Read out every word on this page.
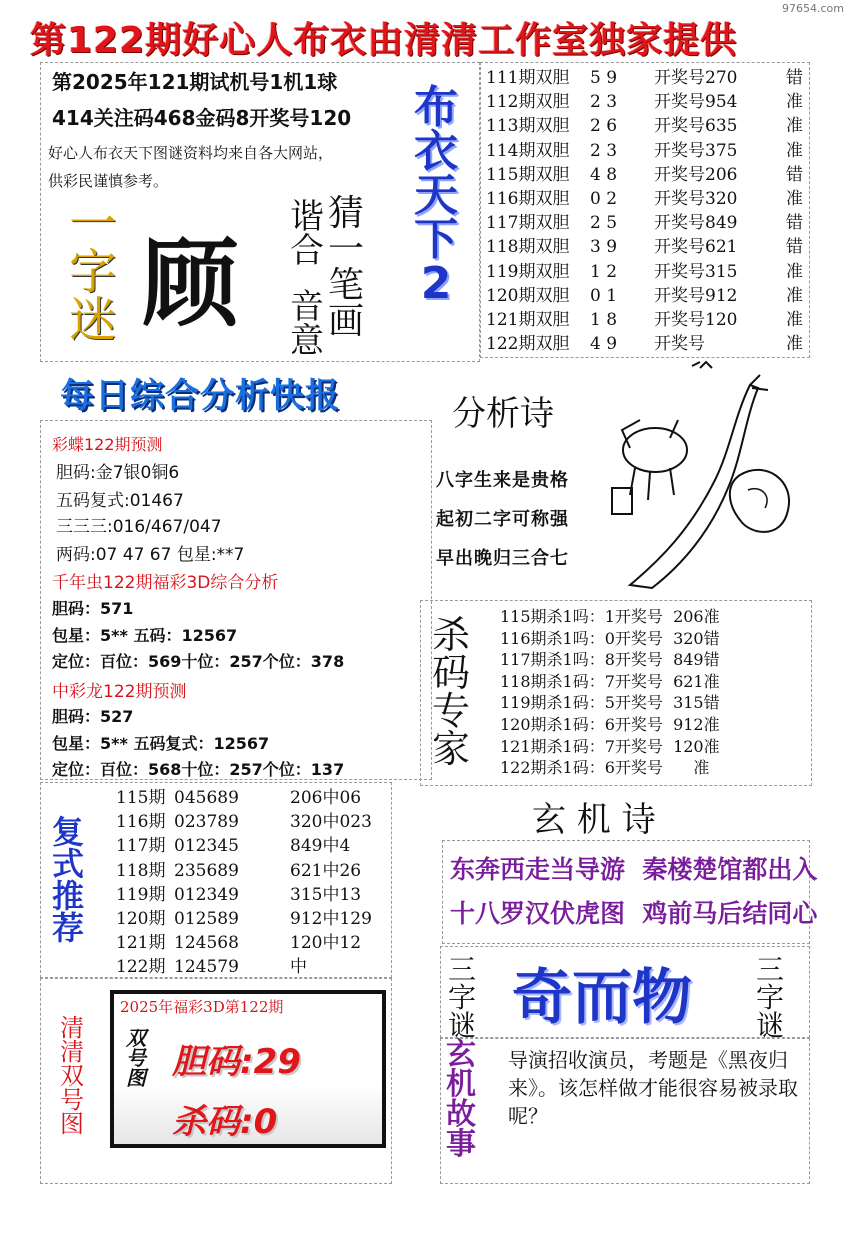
97654.com
第122期好心人布衣由清清工作室独家提供
第2025年121期试机号1机1球
414关注码468金码8开奖号120
好心人布衣天下图谜资料均来自各大网站，
供彩民谨慎参考。
一
字
迷 顾
猜
一
笔
画
谐
合
音
意
布
衣
天
下
2
111期双胆 5 9 开奖号270	错
112期双胆 2 3 开奖号954	准
113期双胆 2 6 开奖号635	准
114期双胆 2 3 开奖号375	准
115期双胆 4 8 开奖号206	错
116期双胆 0 2 开奖号320	准
117期双胆 2 5 开奖号849	错
118期双胆 3 9 开奖号621	错
119期双胆 1 2 开奖号315	准
120期双胆 0 1 开奖号912	准
121期双胆 1 8 开奖号120	准
122期双胆 4 9 开奖号	准
每日综合分析快报
彩蝶122期预测
胆码:金7银0铜6
五码复式:01467
三三三:016/467/047
两码:07 47 67 包星:**7
千年虫122期福彩3D综合分析
胆码：571
包星：5** 五码：12567
定位：百位：569十位：257个位：378
中彩龙122期预测
胆码：527
包星：5** 五码复式：12567
定位：百位：568十位：257个位：137
分析诗
八字生来是贵格
起初二字可称强
早出晚归三合七
杀
码
专
家
115期杀1吗：1开奖号  206准
116期杀1吗：0开奖号  320错
117期杀1吗：8开奖号  849错
118期杀1码：7开奖号  621准
119期杀1码：5开奖号  315错
120期杀1码：6开奖号  912准
121期杀1码：7开奖号  120准
122期杀1码：6开奖号      准
复
式
推
荐
115期 045689	206中06
116期 023789	320中023
117期 012345	849中4
118期 235689	621中26
119期 012349	315中13
120期 012589	912中129
121期 124568	120中12
122期 124579	中
玄 机 诗
东奔西走当导游  秦楼楚馆都出入
十八罗汉伏虎图  鸡前马后结同心
清
清
双
号
图
2025年福彩3D第122期
双
号
图 胆码:29
杀码:0
三
字
谜 奇而物 三
字
谜
玄
机
故
事
导演招收演员，考题是《黑夜归来》。该怎样做才能很容易被录取呢？
